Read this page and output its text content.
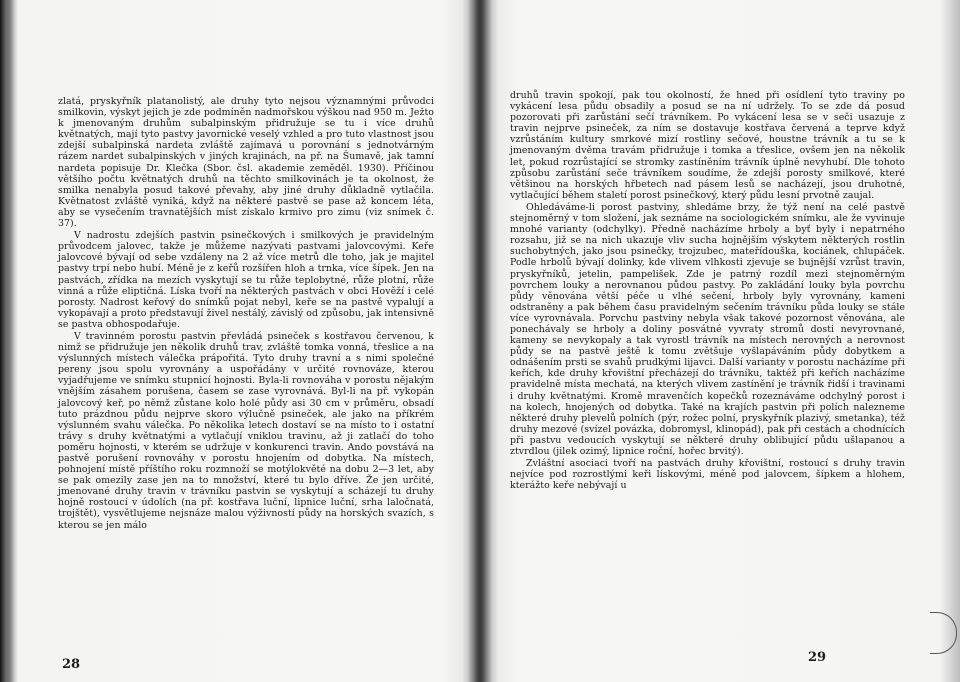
zlatá, pryskyřník platanolistý, ale druhy tyto nejsou významnými průvodci smilkovin, výskyt jejich je zde podmíněn nadmořskou výškou nad 950 m. Ježto k jmenovaným druhům subalpinským přidružuje se tu i více druhů květnatých, mají tyto pastvy javornické veselý vzhled a pro tuto vlastnost jsou zdejší subalpinská nardeta zvláště zajímavá u porovnání s jednotvárným rázem nardet subalpinských v jiných krajinách, na př. na Šumavě, jak tamní nardeta popisuje Dr. Klečka (Sbor. čsl. akademie zeměděl. 1930). Příčinou většího počtu květnatých druhů na těchto smilkovinách je ta okolnost, že smilka nenabyla posud takové převahy, aby jiné druhy důkladně vytlačila. Květnatost zvláště vyniká, když na některé pastvě se pase až koncem léta, aby se vysečením travnatějších míst získalo krmivo pro zimu (viz snímek č. 37).

V nadrostu zdejších pastvin psinečkových i smilkových je pravidelným průvodcem jalovec, takže je můžeme nazývati pastvami jalovcovými. Keře jalovcové bývají od sebe vzdáleny na 2 až více metrů dle toho, jak je majitel pastvy trpí nebo hubí. Méně je z keřů rozšířen hloh a trnka, více šípek. Jen na pastvách, zřídka na mezích vyskytují se tu růže teplobytné, růže plotní, růže vinná a růže eliptičná. Líska tvoří na některých pastvách v obci Hověží i celé porosty. Nadrost keřový do snímků pojat nebyl, keře se na pastvě vypalují a vykopávají a proto představují živel nestálý, závislý od způsobu, jak intensivně se pastva obhospodařuje.

V travinném porostu pastvin převládá psineček s kostřavou červenou, k nimž se přidružuje jen několik druhů trav, zvláště tomka vonná, třeslice a na výslunných místech válečka prápořitá. Tyto druhy travní a s nimi společné pereny jsou spolu vyrovnány a uspořádány v určité rovnováze, kterou vyjadřujeme ve snímku stupnicí hojnosti. Byla-li rovnováha v porostu nějakým vnějším zásahem porušena, časem se zase vyrovnává. Byl-li na př. vykopán jalovcový keř, po němž zůstane kolo holé půdy asi 30 cm v průměru, obsadí tuto prázdnou půdu nejprve skoro výlučně psineček, ale jako na příkrém výslunném svahu válečka. Po několika letech dostaví se na místo to i ostatní trávy s druhy květnatými a vytlačují vniklou travinu, až ji zatlačí do toho poměru hojnosti, v kterém se udržuje v konkurenci travin. Ando povstává na pastvě porušení rovnováhy v porostu hnojením od dobytka. Na místech, pohnojení místě příštího roku rozmnoží se motýlokvěté na dobu 2—3 let, aby se pak omezily zase jen na to množství, které tu bylo dříve. Že jen určité, jmenované druhy travin v trávníku pastvin se vyskytují a scházejí tu druhy hojně rostoucí v údolích (na př. kostřava luční, lipnice luční, srha laločnatá, trojštět), vysvětlujeme nejsnáze malou výživností půdy na horských svazích, s kterou se jen málo

28

druhů travin spokojí, pak tou okolností, že hned při osídlení tyto traviny po vykácení lesa půdu obsadily a posud se na ní udržely. To se zde dá posud pozorovati při zarůstání sečí trávníkem. Po vykácení lesa se v seči usazuje z travin nejprve psineček, za ním se dostavuje kostřava červená a teprve když vzrůstáním kultury smrkové mizí rostliny sečové, houstne trávník a tu se k jmenovaným dvěma travám přidružuje i tomka a třeslice, ovšem jen na několik let, pokud rozrůstající se stromky zastíněním trávník úplně nevyhubí. Dle tohoto způsobu zarůstání seče trávníkem soudíme, že zdejší porosty smilkové, které většinou na horských hřbetech nad pásem lesů se nacházejí, jsou druhotné, vytlačující během staletí porost psinečkový, který půdu lesní prvotně zaujal.

Ohledáváme-li porost pastviny, shledáme brzy, že týž není na celé pastvě stejnoměrný v tom složení, jak seznáme na sociologickém snímku, ale že vyvinuje mnohé varianty (odchylky). Předně nacházíme hrboly a byť byly i nepatrného rozsahu, již se na nich ukazuje vliv sucha hojnějším výskytem některých rostlin suchobytných, jako jsou psinečky, trojzubec, mateřídouška, kociánek, chlupáček. Podle hrbolů bývají dolinky, kde vlivem vlhkosti zjevuje se bujnější vzrůst travin, pryskyřníků, jetelin, pampelišek. Zde je patrný rozdíl mezi stejnoměrným povrchem louky a nerovnanou půdou pastvy. Po zakládání louky byla povrchu půdy věnována větší péče u vlhé sečení, hrboly byly vyrovnány, kameni odstraněny a pak během času pravidelným sečením trávníku půda louky se stále více vyrovnávala. Porvchu pastviny nebyla však takové pozornost věnována, ale ponechávaly se hrboly a doliny posvátné vyvraty stromů dosti nevyrovnané, kameny se nevykopaly a tak vyrostl trávník na místech nerovných a nerovnost půdy se na pastvě ještě k tomu zvětšuje vyšlapáváním půdy dobytkem a odnášením prsti se svahů prudkými lijavci. Další varianty v porostu nacházíme při keřích, kde druhy křovištní přecházejí do trávníku, taktéž při keřích nacházíme pravidelně místa mechatá, na kterých vlivem zastínění je trávník řidší i travinami i druhy květnatými. Kromě mravenčích kopečků rozeznáváme odchylný porost i na kolech, hnojených od dobytka. Také na krajích pastvin při polích nalezneme některé druhy plevelů polních (pýr, rožec polní, pryskyřník plazivý, smetanka), též druhy mezové (svízel povázka, dobromysl, klinopád), pak při cestách a chodnících při pastvu vedoucích vyskytují se některé druhy oblibující půdu ušlapanou a ztvrdlou (jilek ozimý, lipnice roční, hořec brvitý).

Zvláštní asociaci tvoří na pastvách druhy křovištní, rostoucí s druhy travin nejvíce pod rozrostlými keři lískovými, méně pod jalovcem, šípkem a hlohem, kterážto keře nebývají u

29
